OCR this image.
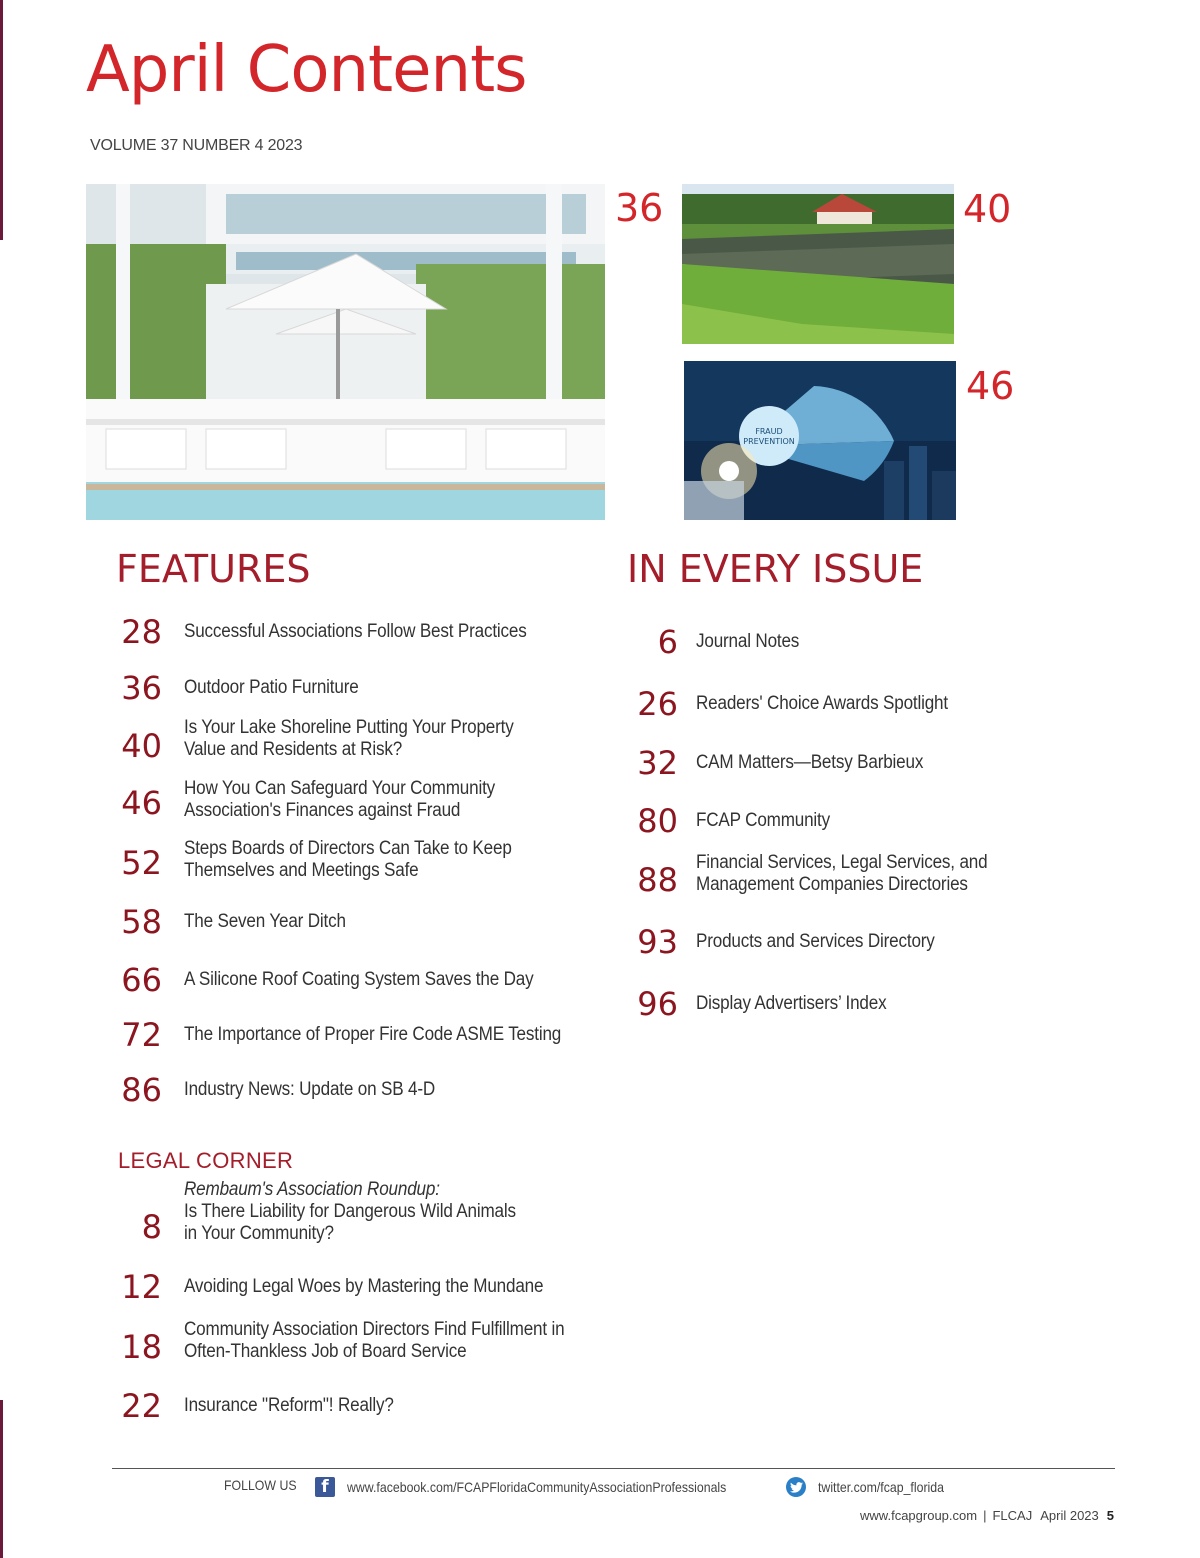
April Contents
VOLUME 37 NUMBER 4 2023
36	40
FRAUD
PREVENTION
46
FEATURES	IN EVERY ISSUE
LEGAL CORNER
28 Successful Associations Follow Best Practices
36 Outdoor Patio Furniture
40 Is Your Lake Shoreline Putting Your Property
Value and Residents at Risk?
46 How You Can Safeguard Your Community
Association's Finances against Fraud
52 Steps Boards of Directors Can Take to Keep
Themselves and Meetings Safe
58 The Seven Year Ditch
66 A Silicone Roof Coating System Saves the Day
72 The Importance of Proper Fire Code ASME Testing
86 Industry News: Update on SB 4-D
8
Rembaum's Association Roundup:
Is There Liability for Dangerous Wild Animals
in Your Community?
12 Avoiding Legal Woes by Mastering the Mundane
18 Community Association Directors Find Fulfillment in
Often-Thankless Job of Board Service
22 Insurance "Reform"! Really?
6 Journal Notes
26 Readers' Choice Awards Spotlight
32 CAM Matters—Betsy Barbieux
80 FCAP Community
88 Financial Services, Legal Services, and
Management Companies Directories
93 Products and Services Directory
96 Display Advertisers’ Index
FOLLOW US	f	www.facebook.com/FCAPFloridaCommunityAssociationProfessionals	twitter.com/fcap_florida
www.fcapgroup.com | FLCAJ April 2023 5
